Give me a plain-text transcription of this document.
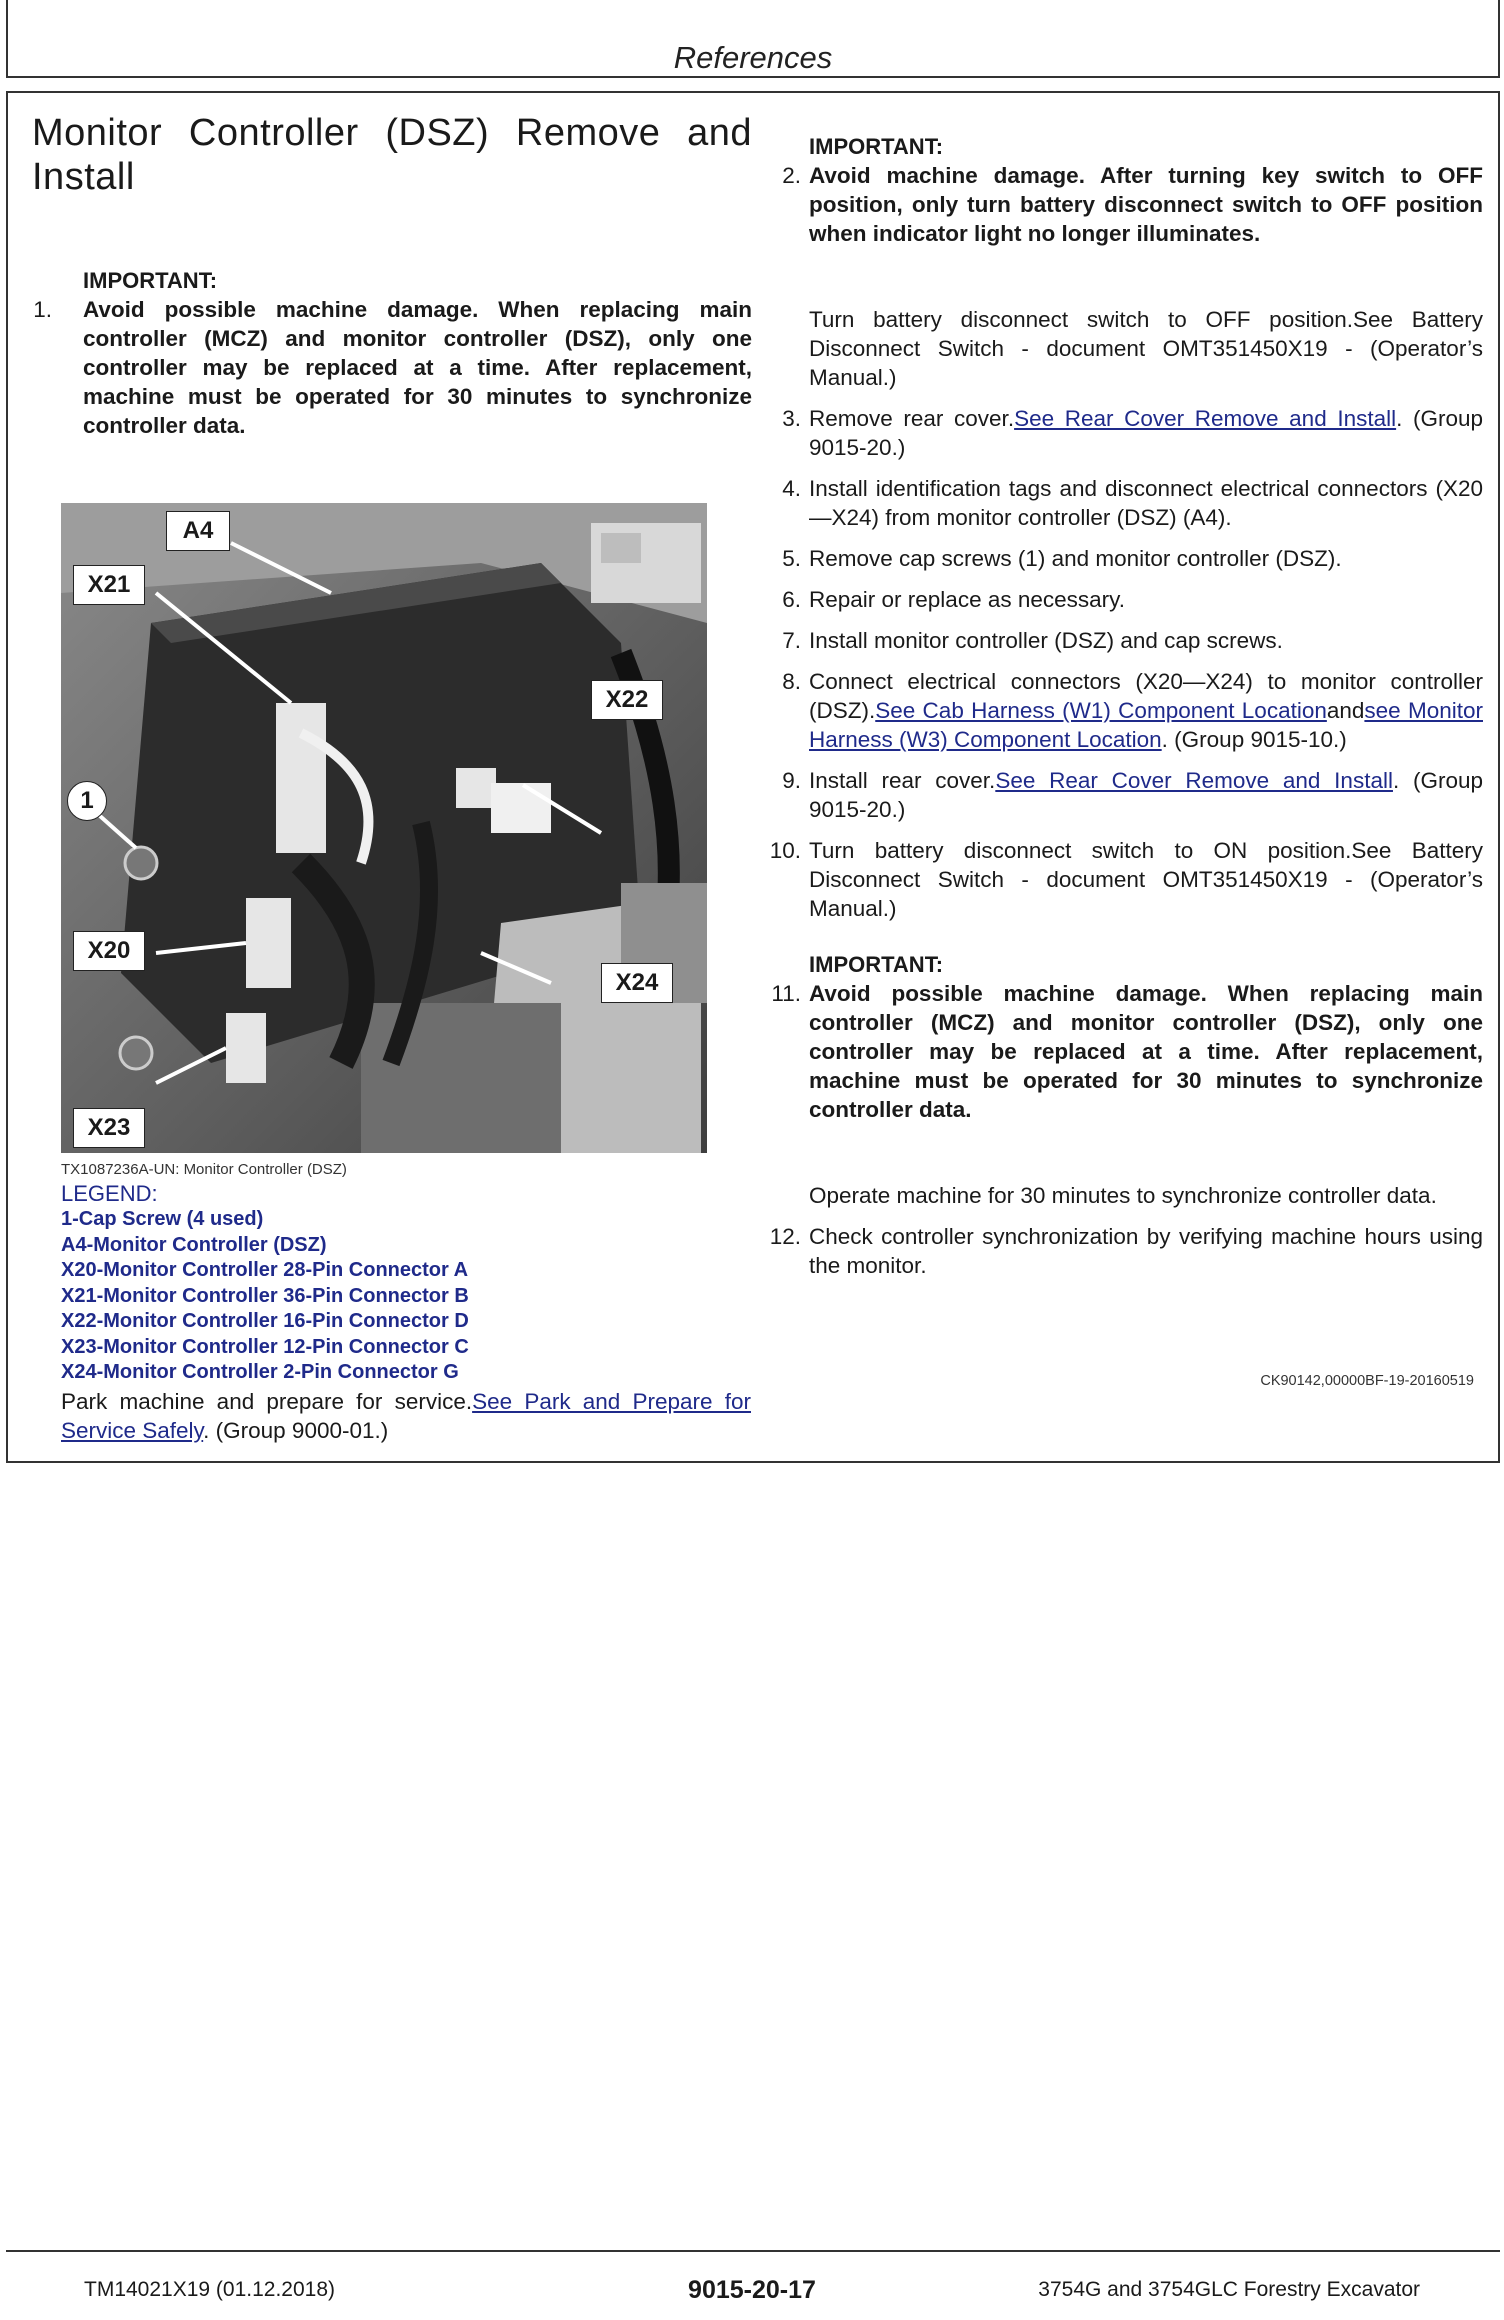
References
Monitor Controller (DSZ) Remove and Install

IMPORTANT:

1. Avoid possible machine damage. When replacing main controller (MCZ) and monitor controller (DSZ), only one controller may be replaced at a time. After replacement, machine must be operated for 30 minutes to synchronize controller data.
A4
X21
X22
1
X20
X24
X23
TX1087236A-UN: Monitor Controller (DSZ)

LEGEND:

1-Cap Screw (4 used)

A4-Monitor Controller (DSZ)

X20-Monitor Controller 28-Pin Connector A

X21-Monitor Controller 36-Pin Connector B

X22-Monitor Controller 16-Pin Connector D

X23-Monitor Controller 12-Pin Connector C

X24-Monitor Controller 2-Pin Connector G

Park machine and prepare for service.See Park and Prepare for Service Safely. (Group 9000-01.)

IMPORTANT:

2. Avoid machine damage. After turning key switch to OFF position, only turn battery disconnect switch to OFF position when indicator light no longer illuminates.

Turn battery disconnect switch to OFF position.See Battery Disconnect Switch - document OMT351450X19 - (Operator’s Manual.)

3. Remove rear cover.See Rear Cover Remove and Install. (Group 9015-20.)
4. Install identification tags and disconnect electrical connectors (X20—X24) from monitor controller (DSZ) (A4).
5. Remove cap screws (1) and monitor controller (DSZ).
6. Repair or replace as necessary.
7. Install monitor controller (DSZ) and cap screws.
8. Connect electrical connectors (X20—X24) to monitor controller (DSZ).See Cab Harness (W1) Component Locationandsee Monitor Harness (W3) Component Location. (Group 9015-10.)
9. Install rear cover.See Rear Cover Remove and Install. (Group 9015-20.)
10. Turn battery disconnect switch to ON position.See Battery Disconnect Switch - document OMT351450X19 - (Operator’s Manual.)

IMPORTANT:

11. Avoid possible machine damage. When replacing main controller (MCZ) and monitor controller (DSZ), only one controller may be replaced at a time. After replacement, machine must be operated for 30 minutes to synchronize controller data.

Operate machine for 30 minutes to synchronize controller data.

12. Check controller synchronization by verifying machine hours using the monitor.
CK90142,00000BF-19-20160519
TM14021X19 (01.12.2018)	9015-20-17	3754G and 3754GLC Forestry Excavator
